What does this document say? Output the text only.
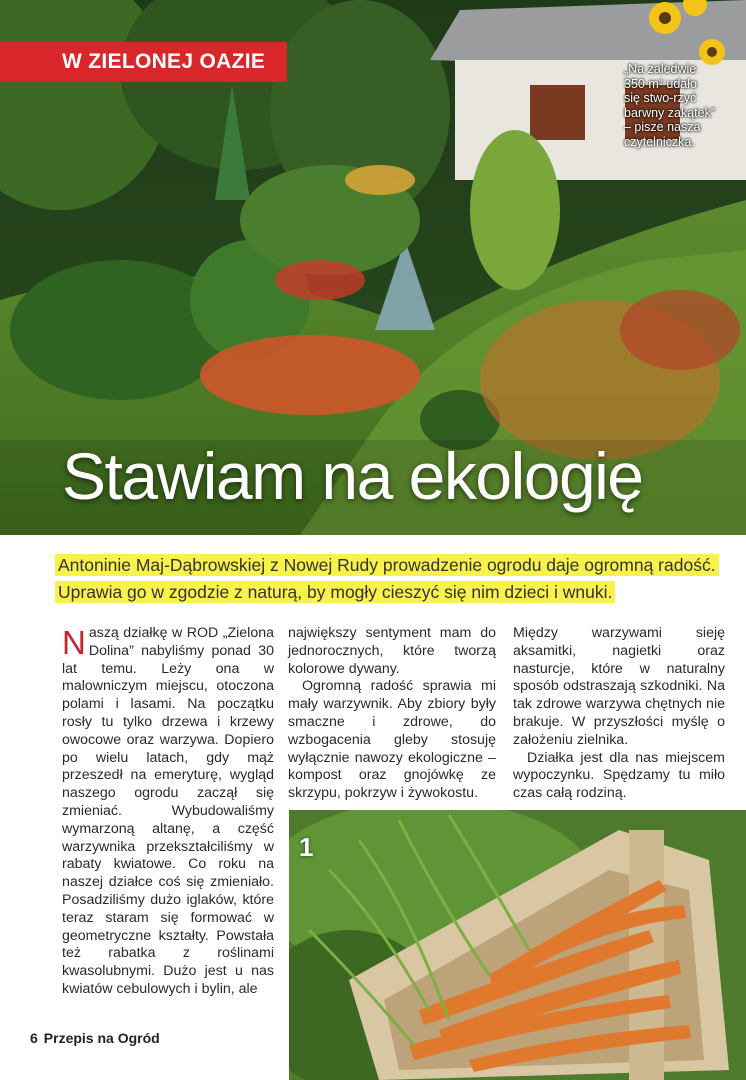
W ZIELONEJ OAZIE	„Na zaledwie 350 m² udało się stwo-rzyć barwny zakątek” – pisze nasza czytelniczka.
Stawiam na ekologię
Antoninie Maj-Dąbrowskiej z Nowej Rudy prowadzenie ogrodu daje ogromną radość. Uprawia go w zgodzie z naturą, by mogły cieszyć się nim dzieci i wnuki.

Naszą działkę w ROD „Zielona Dolina” nabyliśmy ponad 30 lat temu. Leży ona w malowniczym miejscu, otoczona polami i lasami. Na początku rosły tu tylko drzewa i krzewy owocowe oraz warzywa. Dopiero po wielu latach, gdy mąż przeszedł na emeryturę, wygląd naszego ogrodu zaczął się zmieniać. Wybudowaliśmy wymarzoną altanę, a część warzywnika przekształciliśmy w rabaty kwiatowe. Co roku na naszej działce coś się zmieniało. Posadziliśmy dużo iglaków, które teraz staram się formować w geometryczne kształty. Powstała też rabatka z roślinami kwasolubnymi. Dużo jest u nas kwiatów cebulowych i bylin, ale

największy sentyment mam do jednorocznych, które tworzą kolorowe dywany.

Ogromną radość sprawia mi mały warzywnik. Aby zbiory były smaczne i zdrowe, do wzbogacenia gleby stosuję wyłącznie nawozy ekologiczne – kompost oraz gnojówkę ze skrzypu, pokrzyw i żywokostu.

Między warzywami sieję aksamitki, nagietki oraz nasturcje, które w naturalny sposób odstraszają szkodniki. Na tak zdrowe warzywa chętnych nie brakuje. W przyszłości myślę o założeniu zielnika.

Działka jest dla nas miejscem wypoczynku. Spędzamy tu miło czas całą rodziną.

1
6 Przepis na Ogród
